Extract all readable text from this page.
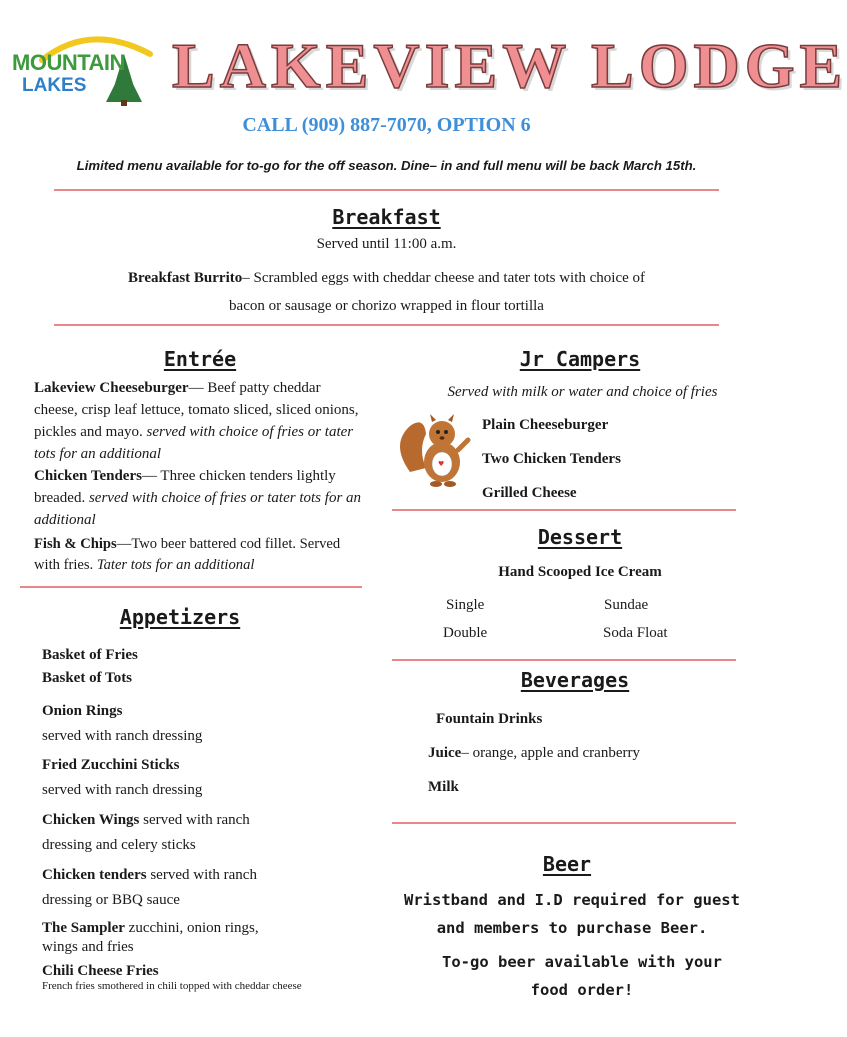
MOUNTAIN
LAKES LAKEVIEW LODGE
CALL (909) 887-7070, OPTION 6
Limited menu available for to-go for the off season. Dine– in and full menu will be back March 15th.
Breakfast
Served until 11:00 a.m.
Breakfast Burrito– Scrambled eggs with cheddar cheese and tater tots with choice of
bacon or sausage or chorizo wrapped in flour tortilla
Entrée
Lakeview Cheeseburger— Beef patty cheddar cheese, crisp leaf lettuce, tomato sliced, sliced onions, pickles and mayo. served with choice of fries or tater tots for an additional
Chicken Tenders— Three chicken tenders lightly breaded. served with choice of fries or tater tots for an additional
Fish & Chips—Two beer battered cod fillet. Served with fries. Tater tots for an additional
Appetizers
Basket of Fries
Basket of Tots
Onion Rings
served with ranch dressing
Fried Zucchini Sticks
served with ranch dressing
Chicken Wings served with ranch
dressing and celery sticks
Chicken tenders served with ranch
dressing or BBQ sauce
The Sampler zucchini, onion rings,
wings and fries
Chili Cheese Fries

French fries smothered in chili topped with cheddar cheese
Jr Campers
Served with milk or water and choice of fries
♥
Plain Cheeseburger
Two Chicken Tenders
Grilled Cheese
Dessert
Hand Scooped Ice Cream
Single	Sundae
Double	Soda Float
Beverages
Fountain Drinks
Juice– orange, apple and cranberry
Milk
Beer
Wristband and I.D required for guest
and members to purchase Beer.
To-go beer available with your
food order!
